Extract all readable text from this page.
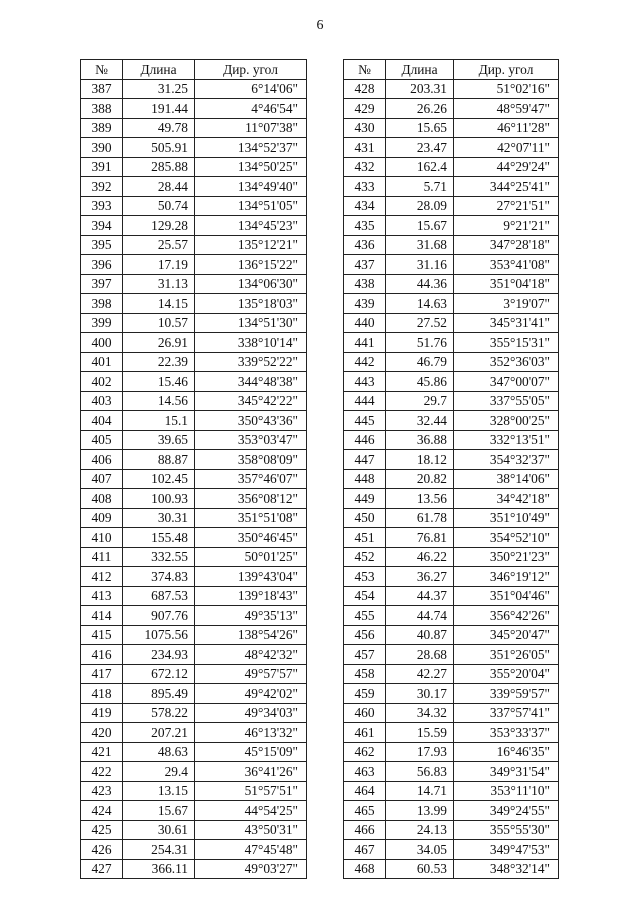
6
№	Длина	Дир. угол
387	31.25	6°14'06"
388	191.44	4°46'54"
389	49.78	11°07'38"
390	505.91	134°52'37"
391	285.88	134°50'25"
392	28.44	134°49'40"
393	50.74	134°51'05"
394	129.28	134°45'23"
395	25.57	135°12'21"
396	17.19	136°15'22"
397	31.13	134°06'30"
398	14.15	135°18'03"
399	10.57	134°51'30"
400	26.91	338°10'14"
401	22.39	339°52'22"
402	15.46	344°48'38"
403	14.56	345°42'22"
404	15.1	350°43'36"
405	39.65	353°03'47"
406	88.87	358°08'09"
407	102.45	357°46'07"
408	100.93	356°08'12"
409	30.31	351°51'08"
410	155.48	350°46'45"
411	332.55	50°01'25"
412	374.83	139°43'04"
413	687.53	139°18'43"
414	907.76	49°35'13"
415	1075.56	138°54'26"
416	234.93	48°42'32"
417	672.12	49°57'57"
418	895.49	49°42'02"
419	578.22	49°34'03"
420	207.21	46°13'32"
421	48.63	45°15'09"
422	29.4	36°41'26"
423	13.15	51°57'51"
424	15.67	44°54'25"
425	30.61	43°50'31"
426	254.31	47°45'48"
427	366.11	49°03'27"
№	Длина	Дир. угол
428	203.31	51°02'16"
429	26.26	48°59'47"
430	15.65	46°11'28"
431	23.47	42°07'11"
432	162.4	44°29'24"
433	5.71	344°25'41"
434	28.09	27°21'51"
435	15.67	9°21'21"
436	31.68	347°28'18"
437	31.16	353°41'08"
438	44.36	351°04'18"
439	14.63	3°19'07"
440	27.52	345°31'41"
441	51.76	355°15'31"
442	46.79	352°36'03"
443	45.86	347°00'07"
444	29.7	337°55'05"
445	32.44	328°00'25"
446	36.88	332°13'51"
447	18.12	354°32'37"
448	20.82	38°14'06"
449	13.56	34°42'18"
450	61.78	351°10'49"
451	76.81	354°52'10"
452	46.22	350°21'23"
453	36.27	346°19'12"
454	44.37	351°04'46"
455	44.74	356°42'26"
456	40.87	345°20'47"
457	28.68	351°26'05"
458	42.27	355°20'04"
459	30.17	339°59'57"
460	34.32	337°57'41"
461	15.59	353°33'37"
462	17.93	16°46'35"
463	56.83	349°31'54"
464	14.71	353°11'10"
465	13.99	349°24'55"
466	24.13	355°55'30"
467	34.05	349°47'53"
468	60.53	348°32'14"
